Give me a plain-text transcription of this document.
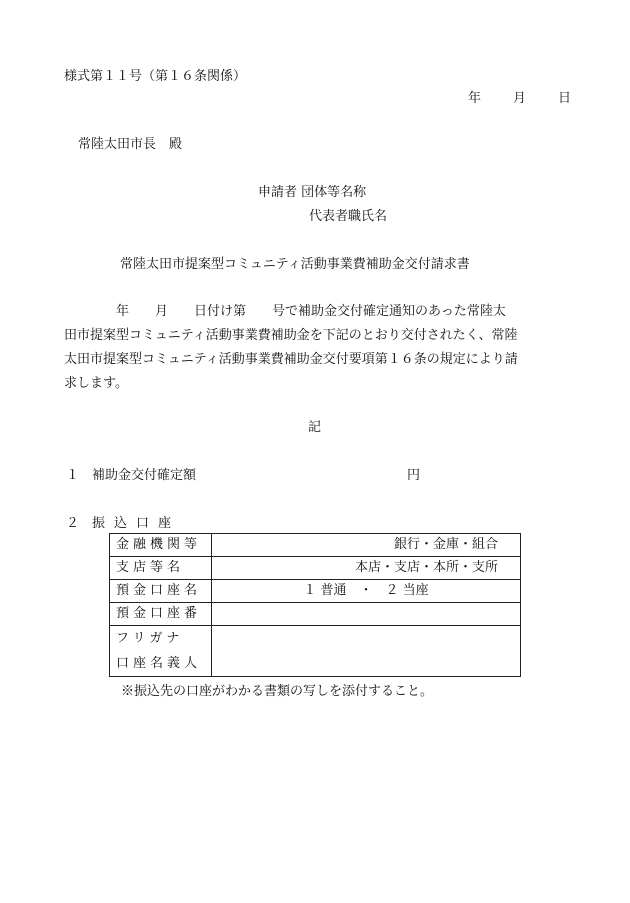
様式第１１号（第１６条関係）
年 月 日
常陸太田市長　殿
申請者 団体等名称
代表者職氏名
常陸太田市提案型コミュニティ活動事業費補助金交付請求書
　　　　年　　月　　日付け第　　号で補助金交付確定通知のあった常陸太
田市提案型コミュニティ活動事業費補助金を下記のとおり交付されたく、常陸
太田市提案型コミュニティ活動事業費補助金交付要項第１６条の規定により請
求します。
記
１ 補助金交付確定額	円
２ 振込口座
金融機関等	銀行・金庫・組合
支店等名	本店・支店・本所・支所
預金口座名	１ 普通　・　２ 当座
預金口座番	

フリガナ
口座名義人	

※振込先の口座がわかる書類の写しを添付すること。
